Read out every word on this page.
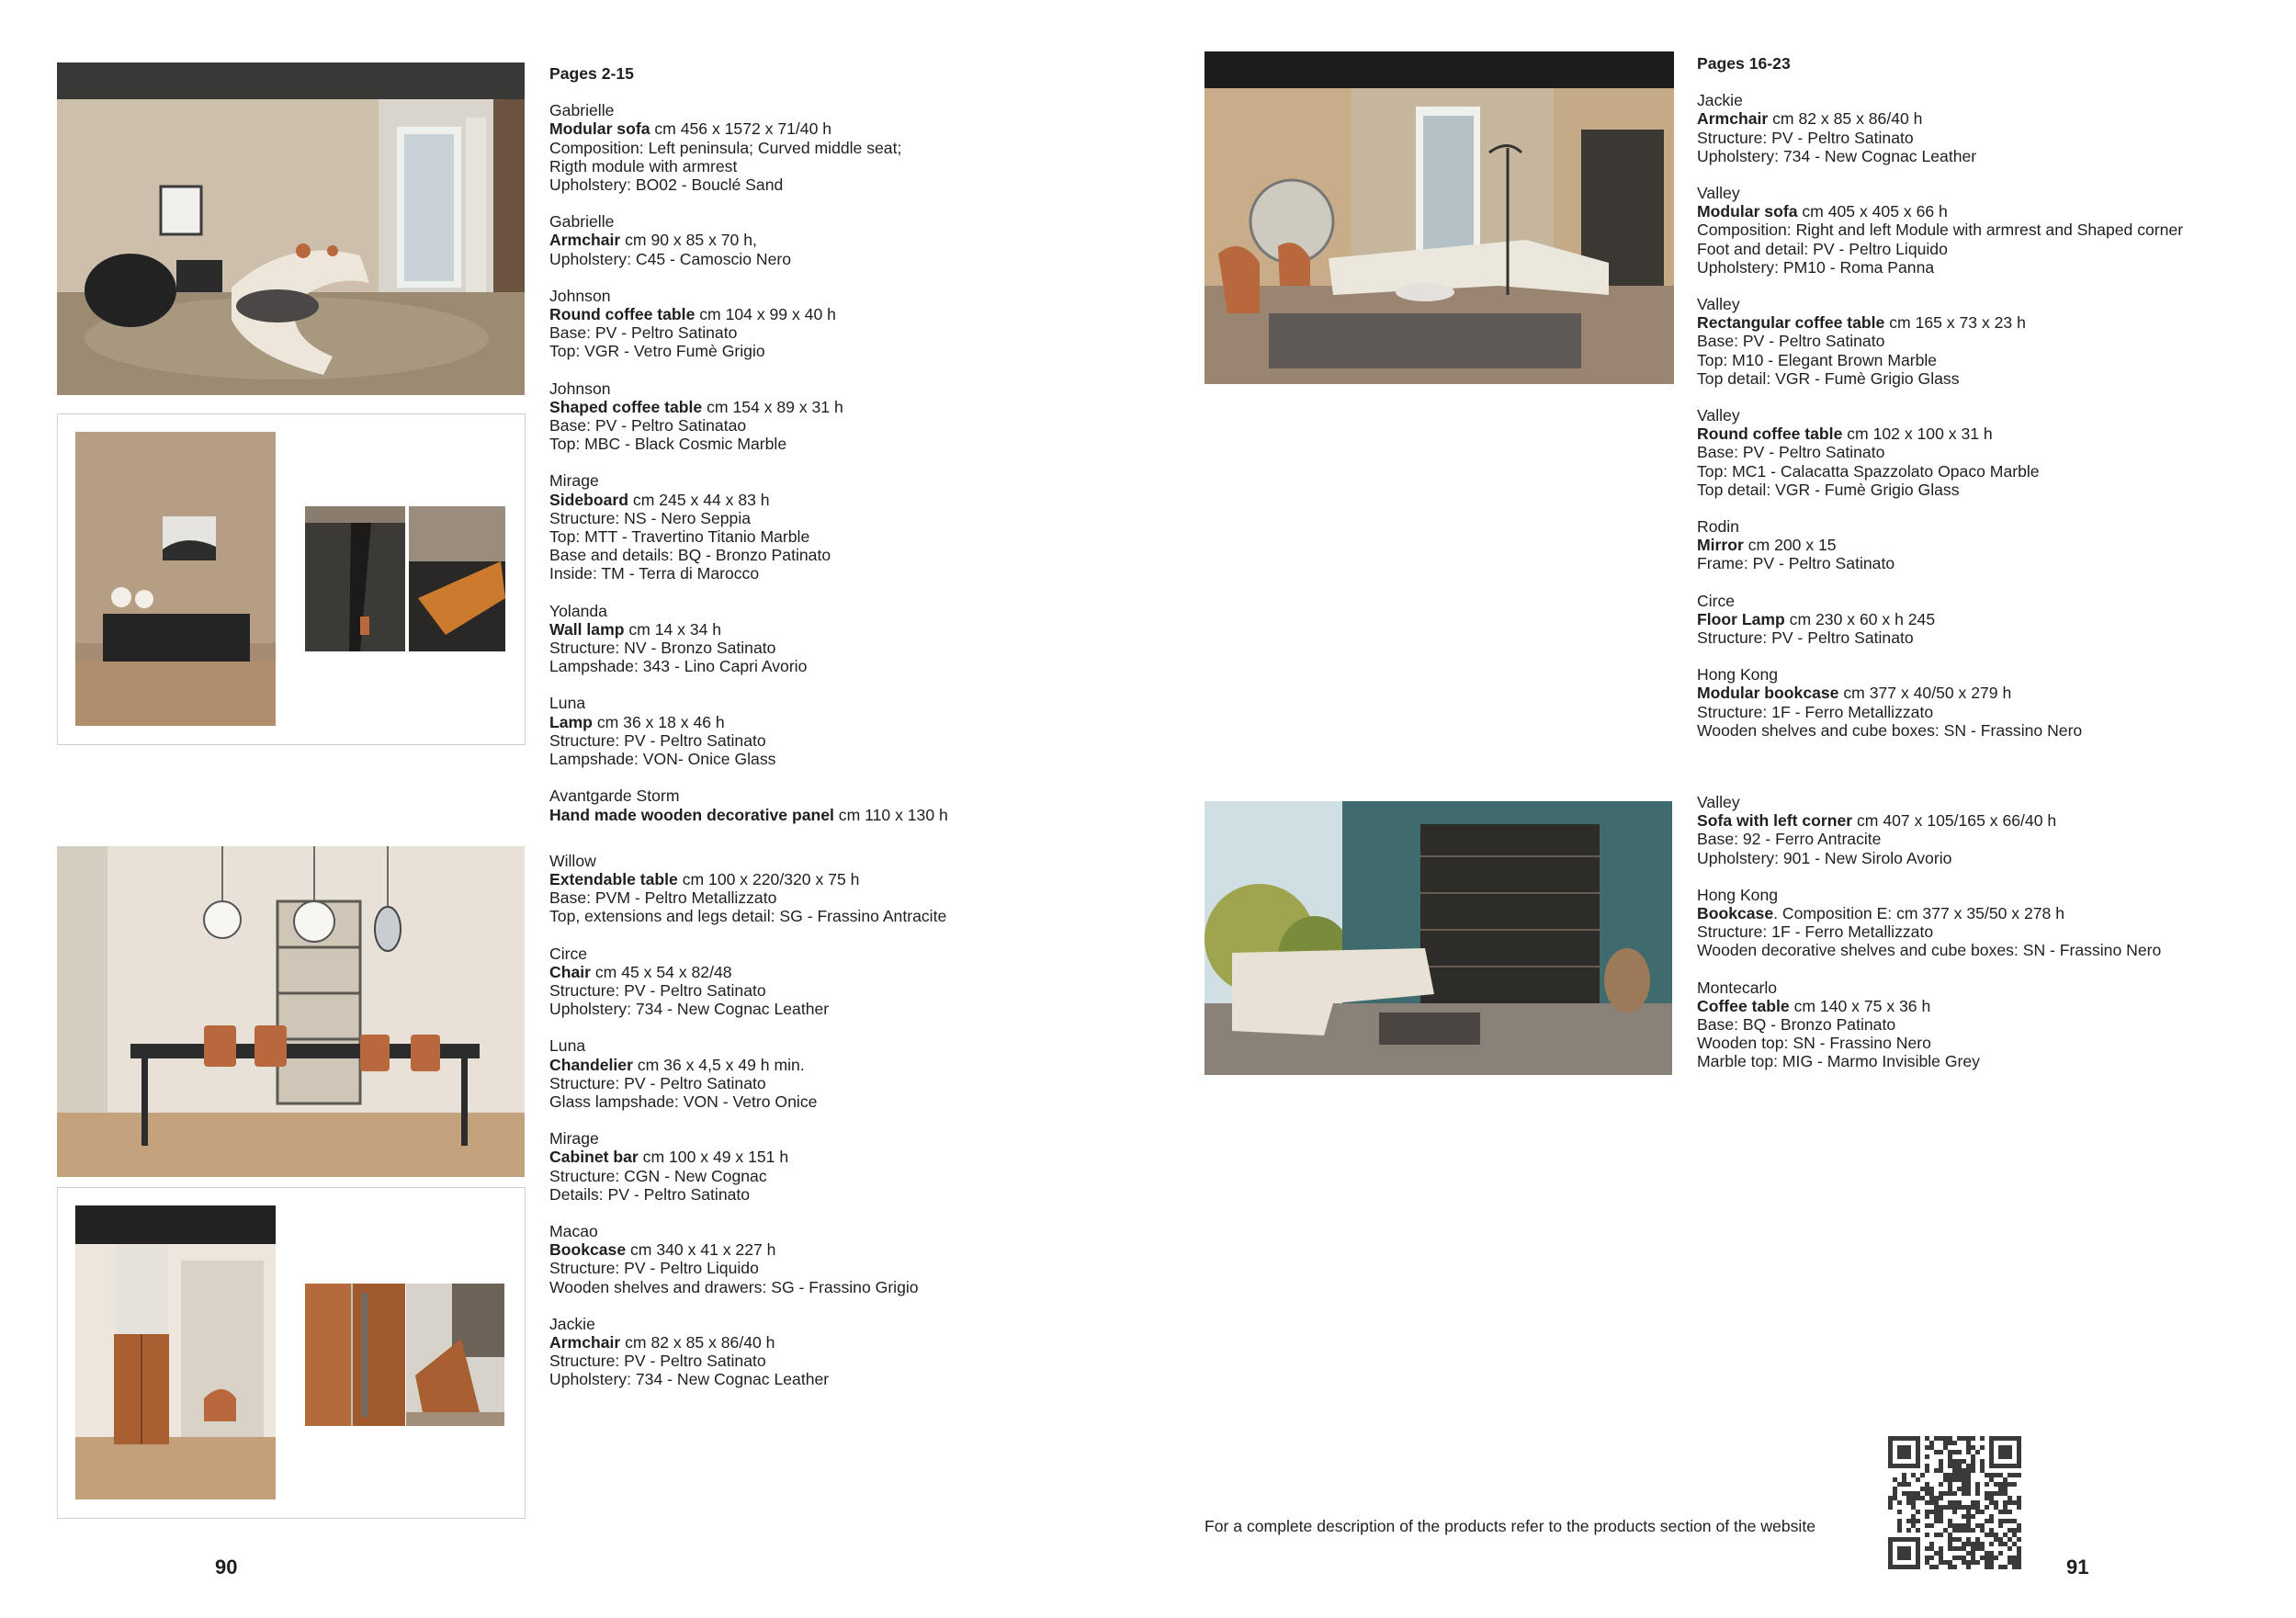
Pages 2-15
Gabrielle
Modular sofa cm 456 x 1572 x 71/40 h
Composition: Left peninsula; Curved middle seat;
Rigth module with armrest
Upholstery: BO02 - Bouclé Sand
Gabrielle
Armchair cm 90 x 85 x 70 h,
Upholstery: C45 - Camoscio Nero
Johnson
Round coffee table cm 104 x 99 x 40 h
Base: PV - Peltro Satinato
Top: VGR - Vetro Fumè Grigio
Johnson
Shaped coffee table cm 154 x 89 x 31 h
Base: PV - Peltro Satinatao
Top: MBC - Black Cosmic Marble
Mirage
Sideboard cm 245 x 44 x 83 h
Structure: NS - Nero Seppia
Top: MTT - Travertino Titanio Marble
Base and details: BQ - Bronzo Patinato
Inside: TM - Terra di Marocco
Yolanda
Wall lamp cm 14 x 34 h
Structure: NV - Bronzo Satinato
Lampshade: 343 - Lino Capri Avorio
Luna
Lamp cm 36 x 18 x 46 h
Structure: PV - Peltro Satinato
Lampshade: VON- Onice Glass
Avantgarde Storm
Hand made wooden decorative panel cm 110 x 130 h
Willow
Extendable table cm 100 x 220/320 x 75 h
Base: PVM - Peltro Metallizzato
Top, extensions and legs detail: SG - Frassino Antracite
Circe
Chair cm 45 x 54 x 82/48
Structure: PV - Peltro Satinato
Upholstery: 734 - New Cognac Leather
Luna
Chandelier cm 36 x 4,5 x 49 h min.
Structure: PV - Peltro Satinato
Glass lampshade: VON - Vetro Onice
Mirage
Cabinet bar cm 100 x 49 x 151 h
Structure: CGN - New Cognac
Details: PV - Peltro Satinato
Macao
Bookcase cm 340 x 41 x 227 h
Structure: PV - Peltro Liquido
Wooden shelves and drawers: SG - Frassino Grigio
Jackie
Armchair cm 82 x 85 x 86/40 h
Structure: PV - Peltro Satinato
Upholstery: 734 - New Cognac Leather
90
Pages 16-23
Jackie
Armchair cm 82 x 85 x 86/40 h
Structure: PV - Peltro Satinato
Upholstery: 734 - New Cognac Leather
Valley
Modular sofa cm 405 x 405 x 66 h
Composition: Right and left Module with armrest and Shaped corner
Foot and detail: PV - Peltro Liquido
Upholstery: PM10 - Roma Panna
Valley
Rectangular coffee table cm 165 x 73 x 23 h
Base: PV - Peltro Satinato
Top: M10 - Elegant Brown Marble
Top detail: VGR - Fumè Grigio Glass
Valley
Round coffee table cm 102 x 100 x 31 h
Base: PV - Peltro Satinato
Top: MC1 - Calacatta Spazzolato Opaco Marble
Top detail: VGR - Fumè Grigio Glass
Rodin
Mirror cm 200 x 15
Frame: PV - Peltro Satinato
Circe
Floor Lamp cm 230 x 60 x h 245
Structure: PV - Peltro Satinato
Hong Kong
Modular bookcase cm 377 x 40/50 x 279 h
Structure: 1F - Ferro Metallizzato
Wooden shelves and cube boxes: SN - Frassino Nero
Valley
Sofa with left corner cm 407 x 105/165 x 66/40 h
Base: 92 - Ferro Antracite
Upholstery: 901 - New Sirolo Avorio
Hong Kong
Bookcase. Composition E: cm 377 x 35/50 x 278 h
Structure: 1F - Ferro Metallizzato
Wooden decorative shelves and cube boxes: SN - Frassino Nero
Montecarlo
Coffee table cm 140 x 75 x 36 h
Base: BQ - Bronzo Patinato
Wooden top: SN - Frassino Nero
Marble top: MIG - Marmo Invisible Grey
For a complete description of the products refer to the products section of the website
91
